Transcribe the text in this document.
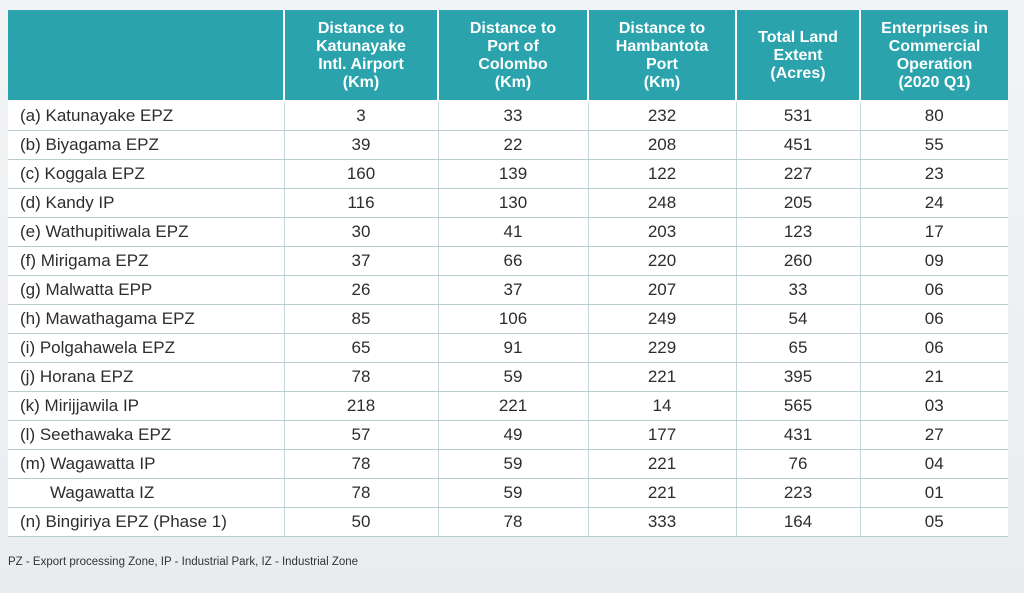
	Distance to
Katunayake
Intl. Airport
(Km)	Distance to
Port of
Colombo
(Km)	Distance to
Hambantota
Port
(Km)	Total Land
Extent
(Acres)	Enterprises in
Commercial
Operation
(2020 Q1)
(a) Katunayake EPZ	3	33	232	531	80
(b) Biyagama EPZ	39	22	208	451	55
(c) Koggala EPZ	160	139	122	227	23
(d) Kandy IP	116	130	248	205	24
(e) Wathupitiwala EPZ	30	41	203	123	17
(f) Mirigama EPZ	37	66	220	260	09
(g) Malwatta EPP	26	37	207	33	06
(h) Mawathagama EPZ	85	106	249	54	06
(i) Polgahawela EPZ	65	91	229	65	06
(j) Horana EPZ	78	59	221	395	21
(k) Mirijjawila IP	218	221	14	565	03
(l) Seethawaka EPZ	57	49	177	431	27
(m) Wagawatta IP	78	59	221	76	04
Wagawatta IZ	78	59	221	223	01
(n) Bingiriya EPZ (Phase 1)	50	78	333	164	05
PZ - Export processing Zone, IP - Industrial Park, IZ - Industrial Zone
